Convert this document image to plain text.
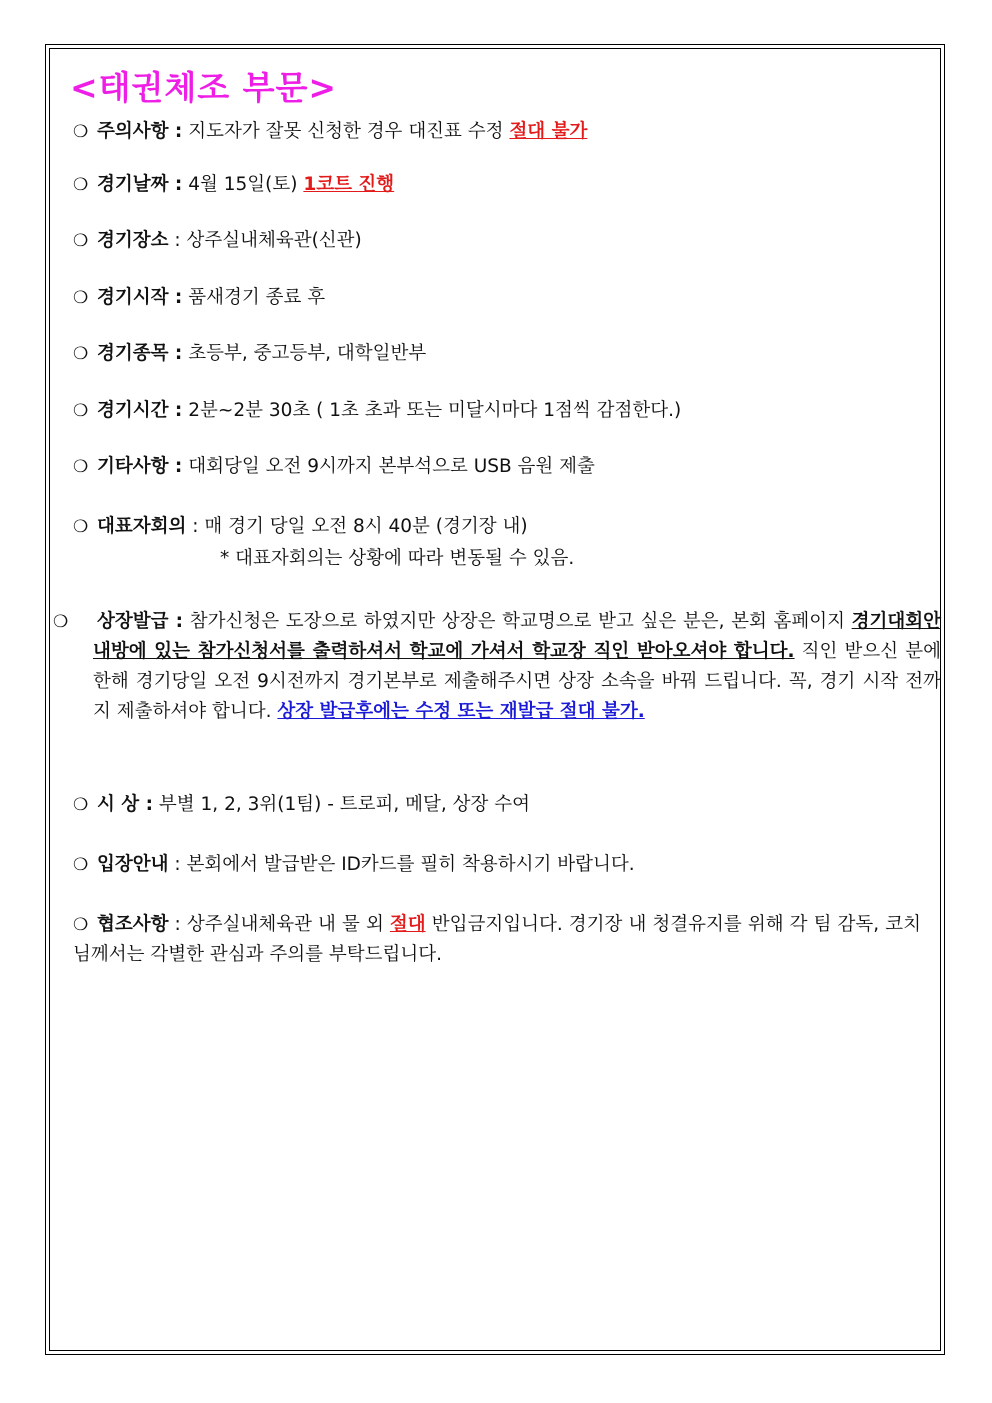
<태권체조 부문>
❍ 주의사항 : 지도자가 잘못 신청한 경우 대진표 수정 절대 불가
❍ 경기날짜 : 4월 15일(토) 1코트 진행
❍ 경기장소 : 상주실내체육관(신관)
❍ 경기시작 : 품새경기 종료 후
❍ 경기종목 : 초등부, 중고등부, 대학일반부
❍ 경기시간 : 2분~2분 30초 ( 1초 초과 또는 미달시마다 1점씩 감점한다.)
❍ 기타사항 : 대회당일 오전 9시까지 본부석으로 USB 음원 제출
❍ 대표자회의 : 매 경기 당일 오전 8시 40분 (경기장 내)
* 대표자회의는 상황에 따라 변동될 수 있음.
❍ 상장발급 : 참가신청은 도장으로 하였지만 상장은 학교명으로 받고 싶은 분은, 본회 홈페이지 경기대회안내방에 있는 참가신청서를 출력하셔서 학교에 가셔서 학교장 직인 받아오셔야 합니다. 직인 받으신 분에 한해 경기당일 오전 9시전까지 경기본부로 제출해주시면 상장 소속을 바꿔 드립니다. 꼭, 경기 시작 전까지 제출하셔야 합니다. 상장 발급후에는 수정 또는 재발급 절대 불가.
❍ 시 상 : 부별 1, 2, 3위(1팀) - 트로피, 메달, 상장 수여
❍ 입장안내 : 본회에서 발급받은 ID카드를 필히 착용하시기 바랍니다.
❍ 협조사항 : 상주실내체육관 내 물 외 절대 반입금지입니다. 경기장 내 청결유지를 위해 각 팀 감독, 코치님께서는 각별한 관심과 주의를 부탁드립니다.
